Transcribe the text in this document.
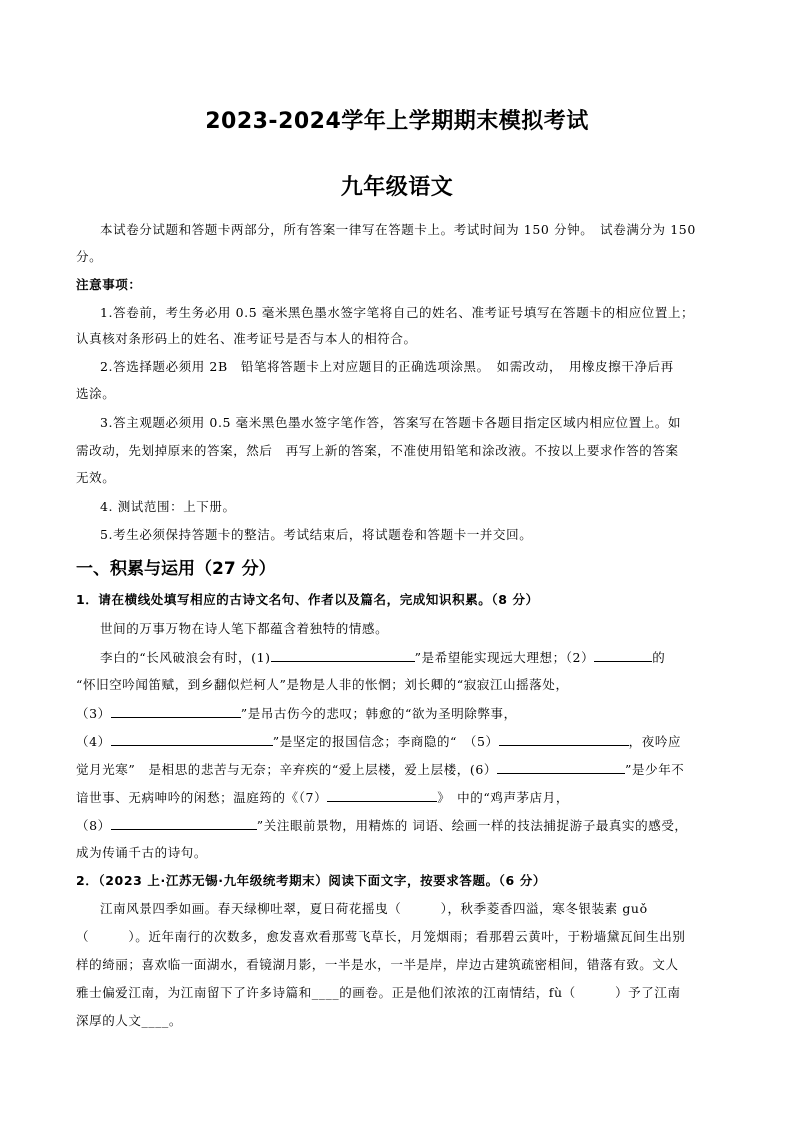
2023-2024学年上学期期末模拟考试
九年级语文
本试卷分试题和答题卡两部分，所有答案一律写在答题卡上。考试时间为 150 分钟。　试卷满分为 150
分。
注意事项：
1.答卷前，考生务必用 0.5 毫米黑色墨水签字笔将自己的姓名、准考证号填写在答题卡的相应位置上；
认真核对条形码上的姓名、准考证号是否与本人的相符合。
2.答选择题必须用 2B　铅笔将答题卡上对应题目的正确选项涂黑。　如需改动，　用橡皮擦干净后再
选涂。
3.答主观题必须用 0.5 毫米黑色墨水签字笔作答，答案写在答题卡各题目指定区域内相应位置上。如
需改动，先划掉原来的答案，然后　再写上新的答案，不准使用铅笔和涂改液。不按以上要求作答的答案
无效。
4. 测试范围：上下册。
5.考生必须保持答题卡的整洁。考试结束后，将试题卷和答题卡一并交回。
一、积累与运用（27 分）
1．请在横线处填写相应的古诗文名句、作者以及篇名，完成知识积累。（8 分）
世间的万事万物在诗人笔下都蕴含着独特的情感。
李白的“长风破浪会有时，(1)	”是希望能实现远大理想；（2）	的
“怀旧空吟闻笛赋，到乡翻似烂柯人”是物是人非的怅惘；刘长卿的“寂寂江山摇落处，
（3）	”是吊古伤今的悲叹；韩愈的“欲为圣明除弊事，
（4）	”是坚定的报国信念；李商隐的“　（5）	，夜吟应
觉月光寒”　是相思的悲苦与无奈；辛弃疾的“爱上层楼，爱上层楼，(6）	”是少年不
谙世事、无病呻吟的闲愁；温庭筠的《（7）	》　中的“鸡声茅店月，
（8）	”关注眼前景物，用精炼的 词语、绘画一样的技法捕捉游子最真实的感受，
成为传诵千古的诗句。
2．（2023 上·江苏无锡·九年级统考期末）阅读下面文字，按要求答题。（6 分）
江南风景四季如画。春天绿柳吐翠，夏日荷花摇曳（　　　），秋季菱香四溢，寒冬银装素 guǒ
（　　　）。近年南行的次数多，愈发喜欢看那莺飞草长，月笼烟雨；看那碧云黄叶，于粉墙黛瓦间生出别
样的绮丽；喜欢临一面湖水，看镜湖月影，一半是水，一半是岸，岸边古建筑疏密相间，错落有致。文人
雅士偏爱江南，为江南留下了许多诗篇和____的画卷。正是他们浓浓的江南情结，fù（　　　）予了江南
深厚的人文____。
